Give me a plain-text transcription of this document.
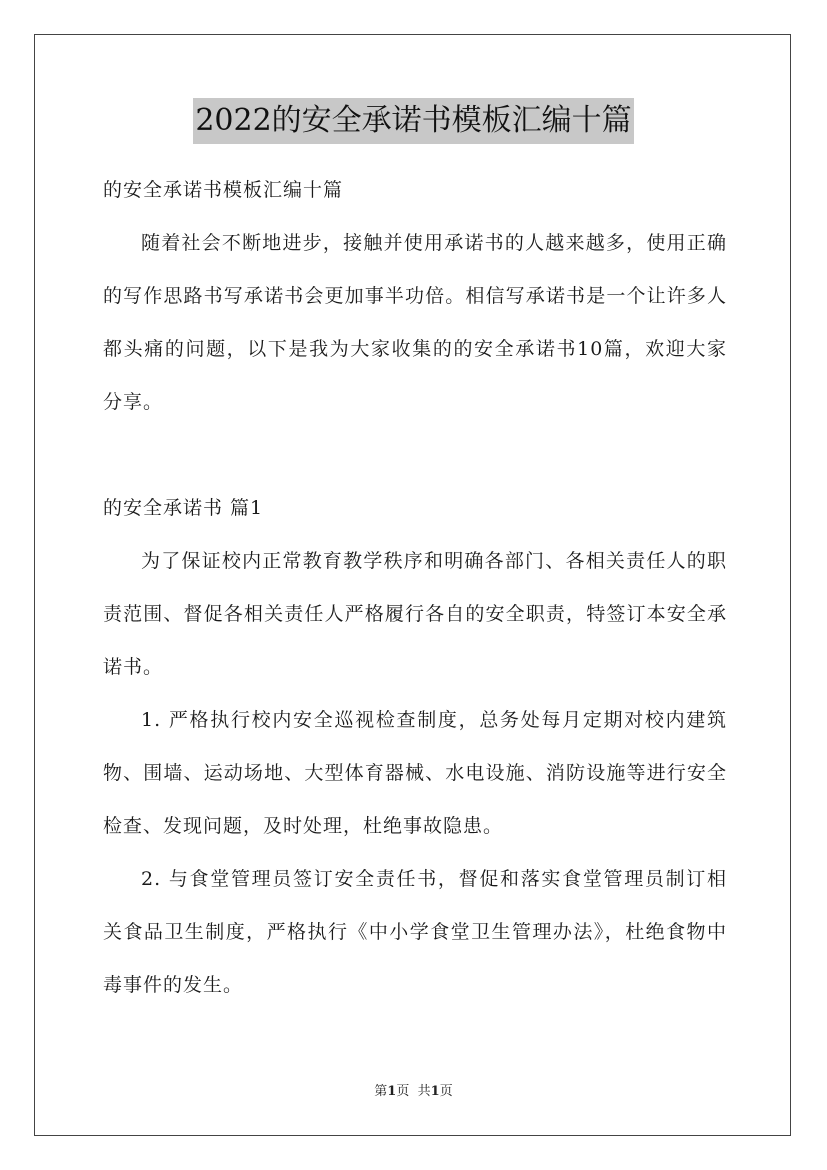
2022的安全承诺书模板汇编十篇

的安全承诺书模板汇编十篇

随着社会不断地进步，接触并使用承诺书的人越来越多，使用正确的写作思路书写承诺书会更加事半功倍。相信写承诺书是一个让许多人都头痛的问题，以下是我为大家收集的的安全承诺书10篇，欢迎大家分享。

的安全承诺书 篇1

为了保证校内正常教育教学秩序和明确各部门、各相关责任人的职责范围、督促各相关责任人严格履行各自的安全职责，特签订本安全承诺书。

1. 严格执行校内安全巡视检查制度，总务处每月定期对校内建筑物、围墙、运动场地、大型体育器械、水电设施、消防设施等进行安全检查、发现问题，及时处理，杜绝事故隐患。

2. 与食堂管理员签订安全责任书，督促和落实食堂管理员制订相关食品卫生制度，严格执行《中小学食堂卫生管理办法》，杜绝食物中毒事件的发生。

第1页 共1页
